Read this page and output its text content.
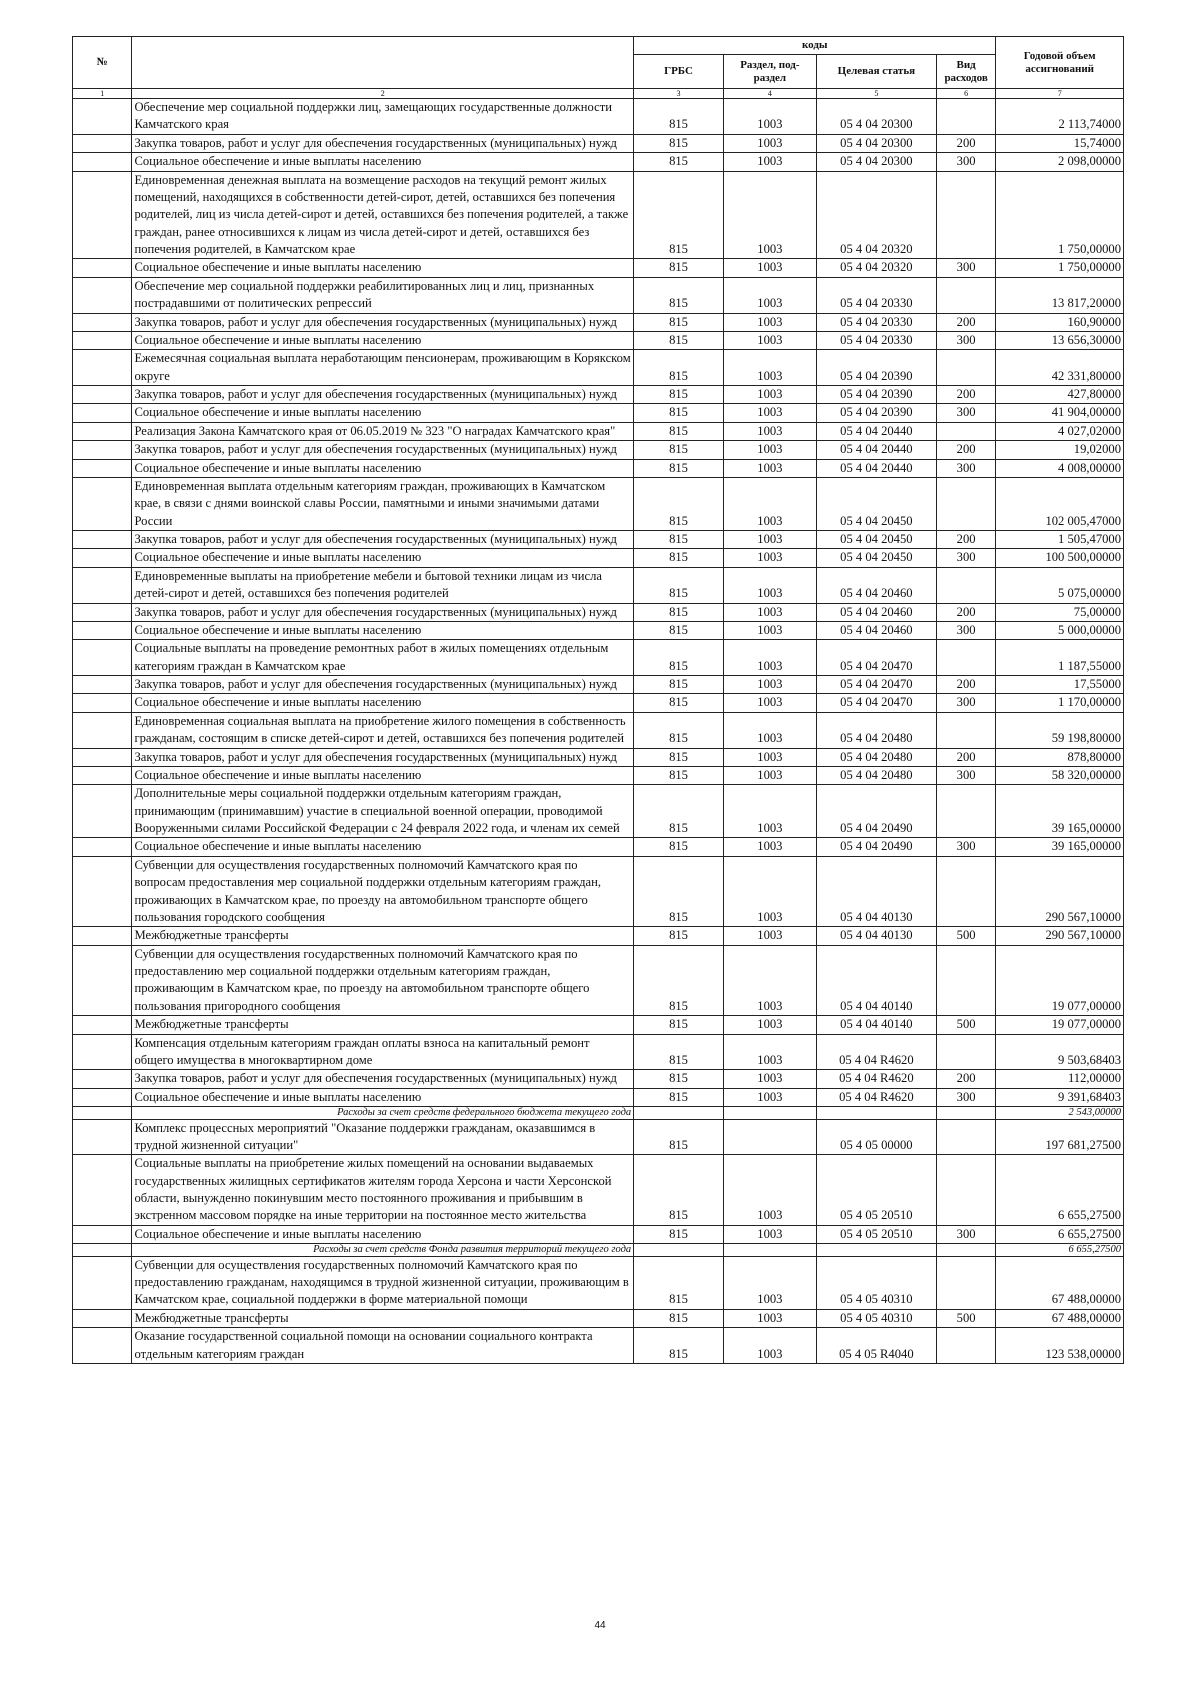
№		коды				Годовой объем ассигнований
		ГРБС	Раздел, под-раздел	Целевая статья	Вид расходов	
1	2	3	4	5	6	7
	Обеспечение мер социальной поддержки лиц, замещающих государственные должности Камчатского края	815	1003	05 4 04 20300		2 113,74000
	Закупка товаров, работ и услуг для обеспечения государственных (муниципальных) нужд	815	1003	05 4 04 20300	200	15,74000
	Социальное обеспечение и иные выплаты населению	815	1003	05 4 04 20300	300	2 098,00000
	Единовременная денежная выплата на возмещение расходов на текущий ремонт жилых помещений, находящихся в собственности детей-сирот, детей, оставшихся без попечения родителей, лиц из числа детей-сирот и детей, оставшихся без попечения родителей, а также граждан, ранее относившихся к лицам из числа детей-сирот и детей, оставшихся без попечения родителей, в Камчатском крае	815	1003	05 4 04 20320		1 750,00000
	Социальное обеспечение и иные выплаты населению	815	1003	05 4 04 20320	300	1 750,00000
	Обеспечение мер социальной поддержки реабилитированных лиц и лиц, признанных пострадавшими от политических репрессий	815	1003	05 4 04 20330		13 817,20000
	Закупка товаров, работ и услуг для обеспечения государственных (муниципальных) нужд	815	1003	05 4 04 20330	200	160,90000
	Социальное обеспечение и иные выплаты населению	815	1003	05 4 04 20330	300	13 656,30000
	Ежемесячная социальная выплата неработающим пенсионерам, проживающим в Корякском округе	815	1003	05 4 04 20390		42 331,80000
	Закупка товаров, работ и услуг для обеспечения государственных (муниципальных) нужд	815	1003	05 4 04 20390	200	427,80000
	Социальное обеспечение и иные выплаты населению	815	1003	05 4 04 20390	300	41 904,00000
	Реализация Закона Камчатского края от 06.05.2019 № 323 "О наградах Камчатского края"	815	1003	05 4 04 20440		4 027,02000
	Закупка товаров, работ и услуг для обеспечения государственных (муниципальных) нужд	815	1003	05 4 04 20440	200	19,02000
	Социальное обеспечение и иные выплаты населению	815	1003	05 4 04 20440	300	4 008,00000
	Единовременная выплата отдельным категориям граждан, проживающих в Камчатском крае, в связи с днями воинской славы России, памятными и иными значимыми датами России	815	1003	05 4 04 20450		102 005,47000
	Закупка товаров, работ и услуг для обеспечения государственных (муниципальных) нужд	815	1003	05 4 04 20450	200	1 505,47000
	Социальное обеспечение и иные выплаты населению	815	1003	05 4 04 20450	300	100 500,00000
	Единовременные выплаты на приобретение мебели и бытовой техники лицам из числа детей-сирот и детей, оставшихся без попечения родителей	815	1003	05 4 04 20460		5 075,00000
	Закупка товаров, работ и услуг для обеспечения государственных (муниципальных) нужд	815	1003	05 4 04 20460	200	75,00000
	Социальное обеспечение и иные выплаты населению	815	1003	05 4 04 20460	300	5 000,00000
	Социальные выплаты на проведение ремонтных работ в жилых помещениях отдельным категориям граждан в Камчатском крае	815	1003	05 4 04 20470		1 187,55000
	Закупка товаров, работ и услуг для обеспечения государственных (муниципальных) нужд	815	1003	05 4 04 20470	200	17,55000
	Социальное обеспечение и иные выплаты населению	815	1003	05 4 04 20470	300	1 170,00000
	Единовременная социальная выплата на приобретение жилого помещения в собственность гражданам, состоящим в списке детей-сирот и детей, оставшихся без попечения родителей	815	1003	05 4 04 20480		59 198,80000
	Закупка товаров, работ и услуг для обеспечения государственных (муниципальных) нужд	815	1003	05 4 04 20480	200	878,80000
	Социальное обеспечение и иные выплаты населению	815	1003	05 4 04 20480	300	58 320,00000
	Дополнительные меры социальной поддержки отдельным категориям граждан, принимающим (принимавшим) участие в специальной военной операции, проводимой Вооруженными силами Российской Федерации с 24 февраля 2022 года, и членам их семей	815	1003	05 4 04 20490		39 165,00000
	Социальное обеспечение и иные выплаты населению	815	1003	05 4 04 20490	300	39 165,00000
	Субвенции для осуществления государственных полномочий Камчатского края по вопросам предоставления мер социальной поддержки отдельным категориям граждан, проживающих в Камчатском крае, по проезду на автомобильном транспорте общего пользования городского сообщения	815	1003	05 4 04 40130		290 567,10000
	Межбюджетные трансферты	815	1003	05 4 04 40130	500	290 567,10000
	Субвенции для осуществления государственных полномочий Камчатского края по предоставлению мер социальной поддержки отдельным категориям граждан, проживающим в Камчатском крае, по проезду на автомобильном транспорте общего пользования пригородного сообщения	815	1003	05 4 04 40140		19 077,00000
	Межбюджетные трансферты	815	1003	05 4 04 40140	500	19 077,00000
	Компенсация отдельным категориям граждан оплаты взноса на капитальный ремонт общего имущества в многоквартирном доме	815	1003	05 4 04 R4620		9 503,68403
	Закупка товаров, работ и услуг для обеспечения государственных (муниципальных) нужд	815	1003	05 4 04 R4620	200	112,00000
	Социальное обеспечение и иные выплаты населению	815	1003	05 4 04 R4620	300	9 391,68403
	Расходы за счет средств федерального бюджета текущего года					2 543,00000
	Комплекс процессных мероприятий "Оказание поддержки гражданам, оказавшимся в трудной жизненной ситуации"	815		05 4 05 00000		197 681,27500
	Социальные выплаты на приобретение жилых помещений на основании выдаваемых государственных жилищных сертификатов жителям города Херсона и части Херсонской области, вынужденно покинувшим место постоянного проживания и прибывшим в экстренном массовом порядке на иные территории на постоянное место жительства	815	1003	05 4 05 20510		6 655,27500
	Социальное обеспечение и иные выплаты населению	815	1003	05 4 05 20510	300	6 655,27500
	Расходы за счет средств Фонда развития территорий текущего года					6 655,27500
	Субвенции для осуществления государственных полномочий Камчатского края по предоставлению гражданам, находящимся в трудной жизненной ситуации, проживающим в Камчатском крае, социальной поддержки в форме материальной помощи	815	1003	05 4 05 40310		67 488,00000
	Межбюджетные трансферты	815	1003	05 4 05 40310	500	67 488,00000
	Оказание государственной социальной помощи на основании социального контракта отдельным категориям граждан	815	1003	05 4 05 R4040		123 538,00000
44
